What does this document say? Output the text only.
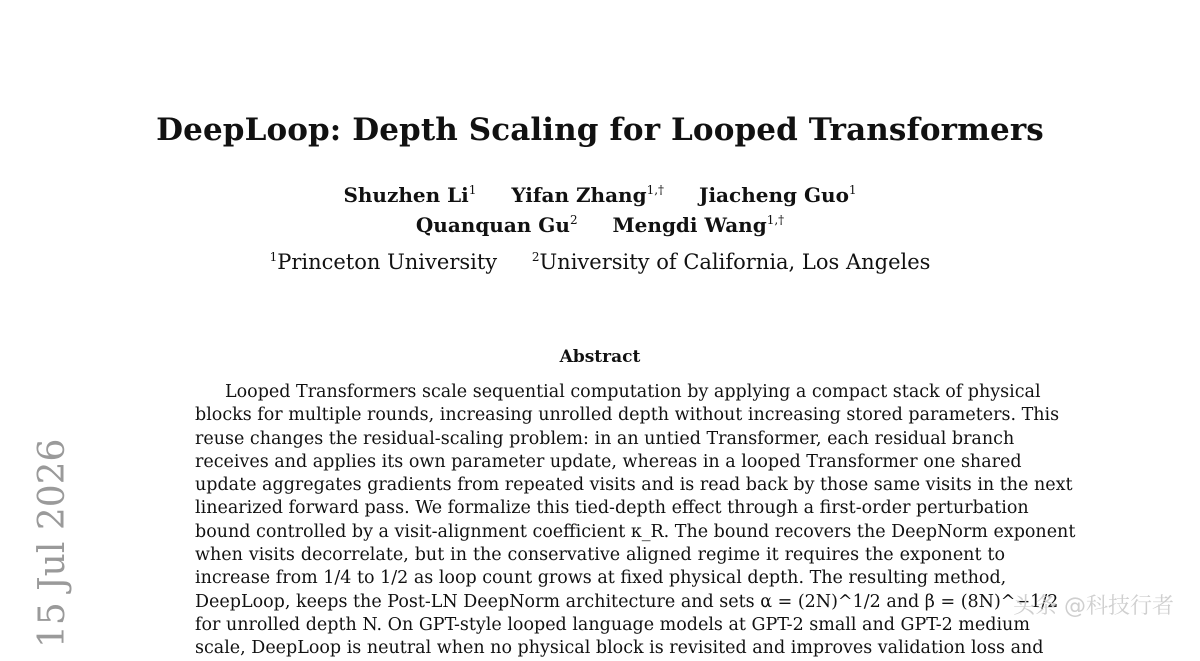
DeepLoop: Depth Scaling for Looped Transformers
Shuzhen Li$^1$ Yifan Zhang$^{1,\dagger}$ Jiacheng Guo$^1$
Quanquan Gu$^2$ Mengdi Wang$^{1,\dagger}$
$^1$Princeton University	$^2$University of California, Los Angeles
Abstract
Looped Transformers scale sequential computation by applying a compact stack of physical
blocks for multiple rounds, increasing unrolled depth without increasing stored parameters. This
reuse changes the residual-scaling problem: in an untied Transformer, each residual branch
receives and applies its own parameter update, whereas in a looped Transformer one shared
update aggregates gradients from repeated visits and is read back by those same visits in the next
linearized forward pass. We formalize this tied-depth effect through a first-order perturbation
bound controlled by a visit-alignment coefficient κ_R. The bound recovers the DeepNorm exponent
when visits decorrelate, but in the conservative aligned regime it requires the exponent to
increase from 1/4 to 1/2 as loop count grows at fixed physical depth. The resulting method,
DeepLoop, keeps the Post-LN DeepNorm architecture and sets α = (2N)^1/2 and β = (8N)^−1/2
for unrolled depth N. On GPT-style looped language models at GPT-2 small and GPT-2 medium
scale, DeepLoop is neutral when no physical block is revisited and improves validation loss and
15 Jul 2026	头条 @科技行者
